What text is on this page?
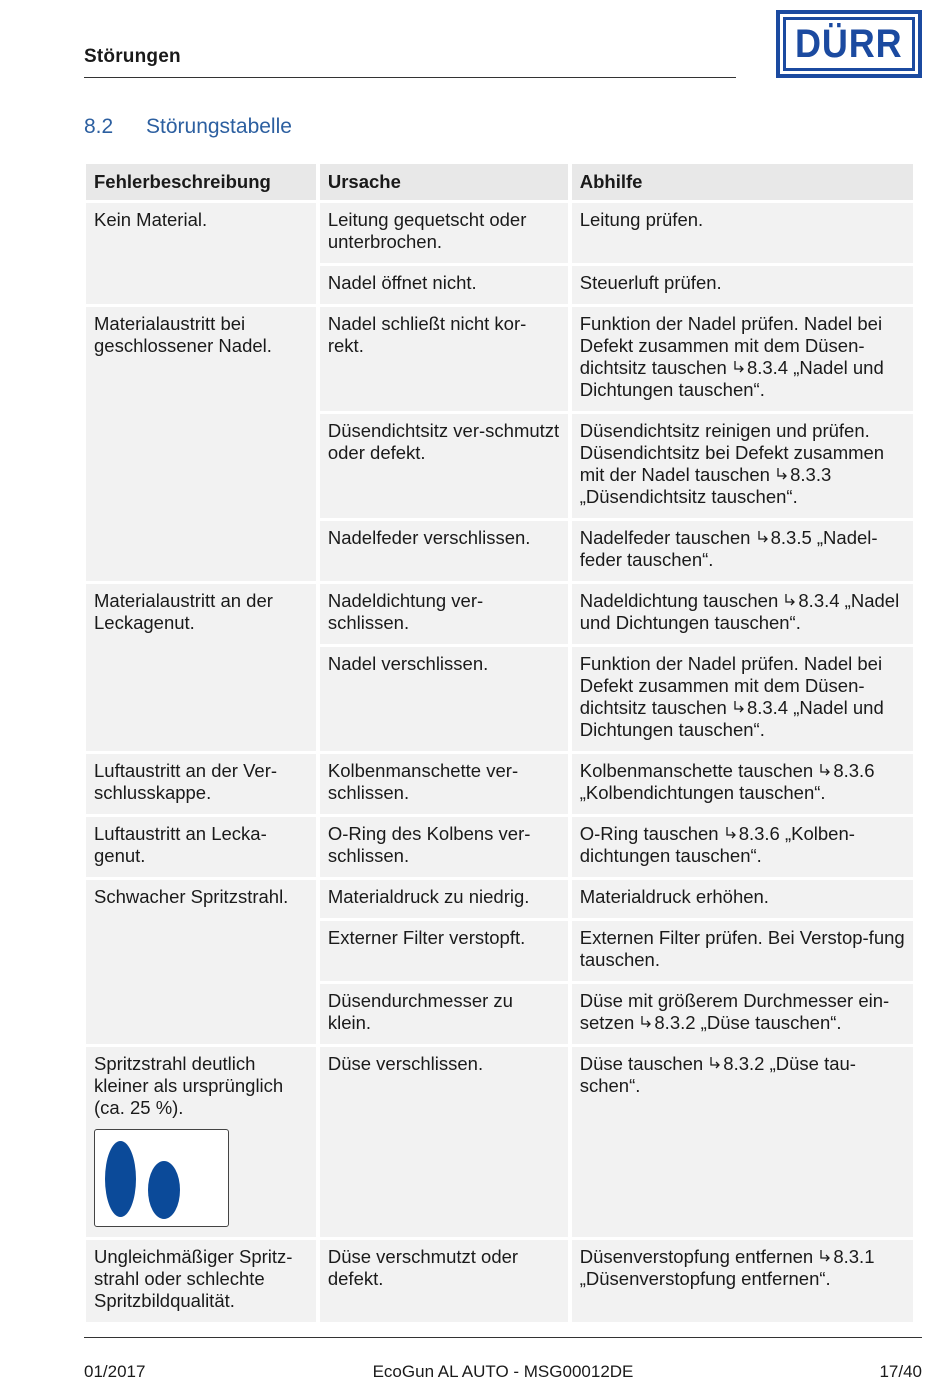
Störungen	DÜRR
8.2 Störungstabelle
Fehlerbeschreibung	Ursache	Abhilfe

Kein Material.	Leitung gequetscht oder unterbrochen.	Leitung prüfen.
	Nadel öffnet nicht.	Steuerluft prüfen.

Materialaustritt bei geschlossener Nadel.	Nadel schließt nicht kor-rekt.	Funktion der Nadel prüfen. Nadel bei Defekt zusammen mit dem Düsen-dichtsitz tauschen 8.3.4 „Nadel und Dichtungen tauschen“.
	Düsendichtsitz ver-schmutzt oder defekt.	Düsendichtsitz reinigen und prüfen. Düsendichtsitz bei Defekt zusammen mit der Nadel tauschen 8.3.3 „Düsendichtsitz tauschen“.
	Nadelfeder verschlissen.	Nadelfeder tauschen 8.3.5 „Nadel-feder tauschen“.

Materialaustritt an der Leckagenut.	Nadeldichtung ver-schlissen.	Nadeldichtung tauschen 8.3.4 „Nadel und Dichtungen tauschen“.
	Nadel verschlissen.	Funktion der Nadel prüfen. Nadel bei Defekt zusammen mit dem Düsen-dichtsitz tauschen 8.3.4 „Nadel und Dichtungen tauschen“.

Luftaustritt an der Ver-schlusskappe.	Kolbenmanschette ver-schlissen.	Kolbenmanschette tauschen 8.3.6 „Kolbendichtungen tauschen“.

Luftaustritt an Lecka-genut.	O-Ring des Kolbens ver-schlissen.	O-Ring tauschen 8.3.6 „Kolben-dichtungen tauschen“.

Schwacher Spritzstrahl.	Materialdruck zu niedrig.	Materialdruck erhöhen.
	Externer Filter verstopft.	Externen Filter prüfen. Bei Verstop-fung tauschen.
	Düsendurchmesser zu klein.	Düse mit größerem Durchmesser ein-setzen 8.3.2 „Düse tauschen“.

Spritzstrahl deutlich kleiner als ursprünglich (ca. 25 %).	Düse verschlissen.	Düse tauschen 8.3.2 „Düse tau-schen“.

Ungleichmäßiger Spritz-strahl oder schlechte Spritzbildqualität.	Düse verschmutzt oder defekt.	Düsenverstopfung entfernen 8.3.1 „Düsenverstopfung entfernen“.
01/2017	EcoGun AL AUTO - MSG00012DE	17/40
